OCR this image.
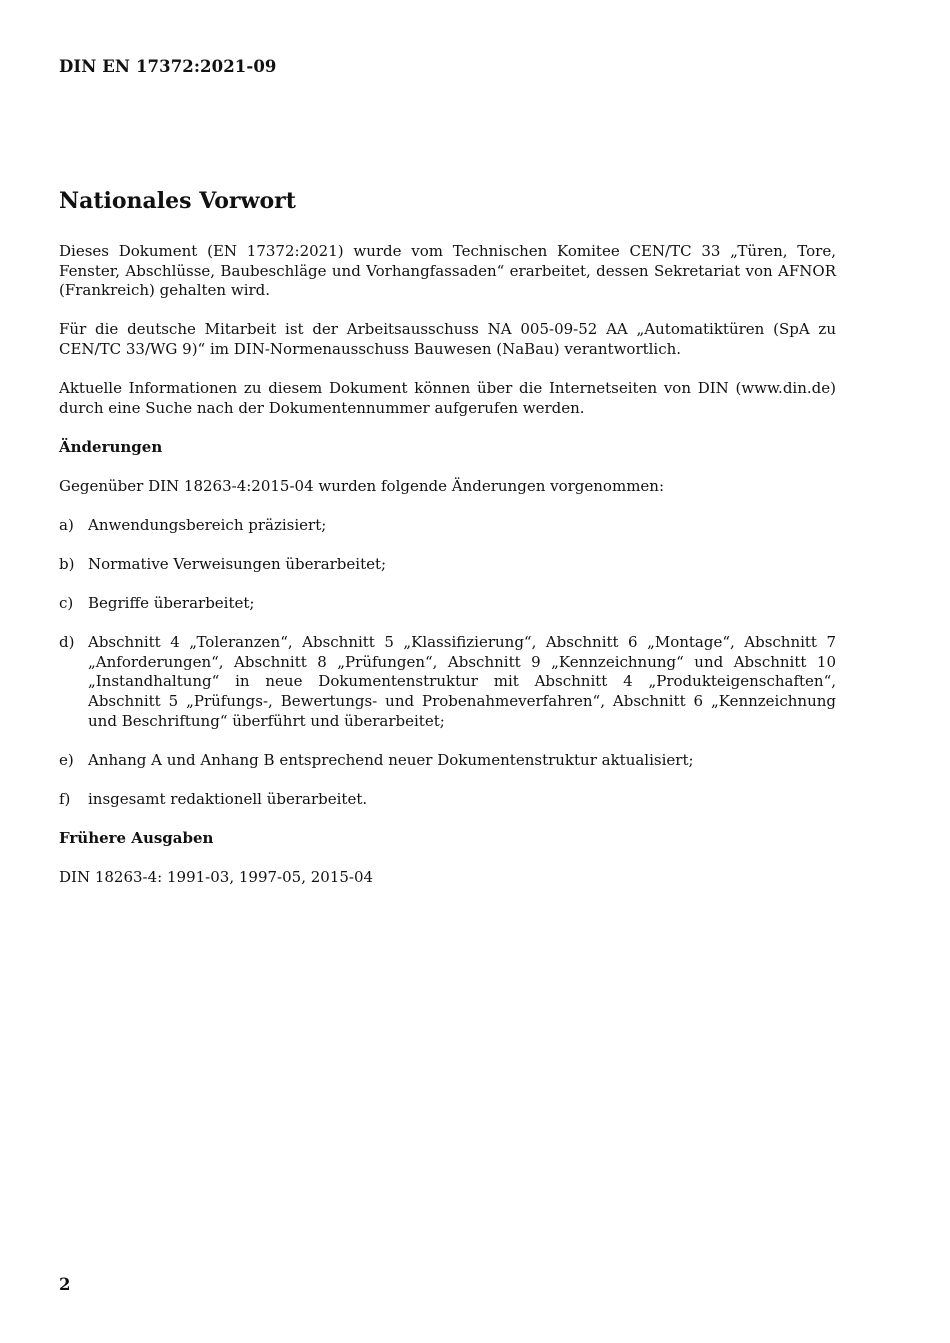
DIN EN 17372:2021-09
Nationales Vorwort

Dieses Dokument (EN 17372:2021) wurde vom Technischen Komitee CEN/TC 33 „Türen, Tore, Fenster, Abschlüsse, Baubeschläge und Vorhangfassaden“ erarbeitet, dessen Sekretariat von AFNOR (Frankreich) gehalten wird.

Für die deutsche Mitarbeit ist der Arbeitsausschuss NA 005-09-52 AA „Automatiktüren (SpA zu CEN/TC 33/WG 9)“ im DIN-Normenausschuss Bauwesen (NaBau) verantwortlich.

Aktuelle Informationen zu diesem Dokument können über die Internetseiten von DIN (www.din.de) durch eine Suche nach der Dokumentennummer aufgerufen werden.

Änderungen

Gegenüber DIN 18263-4:2015-04 wurden folgende Änderungen vorgenommen:

a) Anwendungsbereich präzisiert;
b) Normative Verweisungen überarbeitet;
c) Begriffe überarbeitet;
d) Abschnitt 4 „Toleranzen“, Abschnitt 5 „Klassifizierung“, Abschnitt 6 „Montage“, Abschnitt 7 „Anforderungen“, Abschnitt 8 „Prüfungen“, Abschnitt 9 „Kennzeichnung“ und Abschnitt 10 „Instandhaltung“ in neue Dokumentenstruktur mit Abschnitt 4 „Produkteigenschaften“, Abschnitt 5 „Prüfungs-, Bewertungs- und Probenahmeverfahren“, Abschnitt 6 „Kennzeichnung und Beschriftung“ überführt und überarbeitet;
e) Anhang A und Anhang B entsprechend neuer Dokumentenstruktur aktualisiert;
f) insgesamt redaktionell überarbeitet.
Frühere Ausgaben

DIN 18263-4: 1991-03, 1997-05, 2015-04

2
